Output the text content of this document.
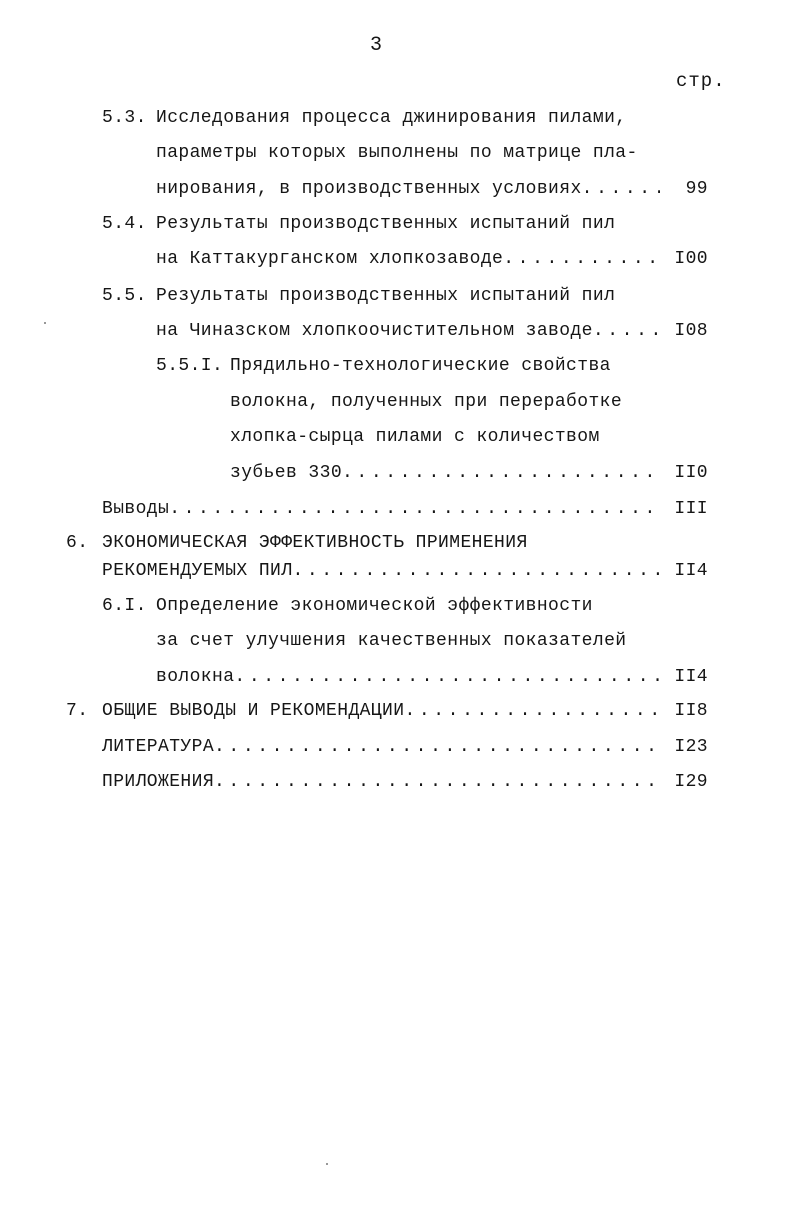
3
стр.
5.3. Исследования процесса джинирования пилами,
параметры которых выполнены по матрице пла-
нирования, в производственных условиях . . .	99
5.4. Результаты производственных испытаний пил
на Каттакурганском хлопкозаводе . . .	I00
5.5. Результаты производственных испытаний пил
на Чиназском хлопкоочистительном заводе . . .	I08
5.5.I. Прядильно-технологические свойства
волокна, полученных при переработке
хлопка-сырца пилами с количеством
зубьев 330 . . .	II0
Выводы . . .	III
6. ЭКОНОМИЧЕСКАЯ ЭФФЕКТИВНОСТЬ ПРИМЕНЕНИЯ
РЕКОМЕНДУЕМЫХ ПИЛ . . .	II4
6.I. Определение экономической эффективности
за счет улучшения качественных показателей
волокна . . .	II4
7. ОБЩИЕ ВЫВОДЫ И РЕКОМЕНДАЦИИ . . .	II8
ЛИТЕРАТУРА . . .	I23
ПРИЛОЖЕНИЯ . . .	I29
